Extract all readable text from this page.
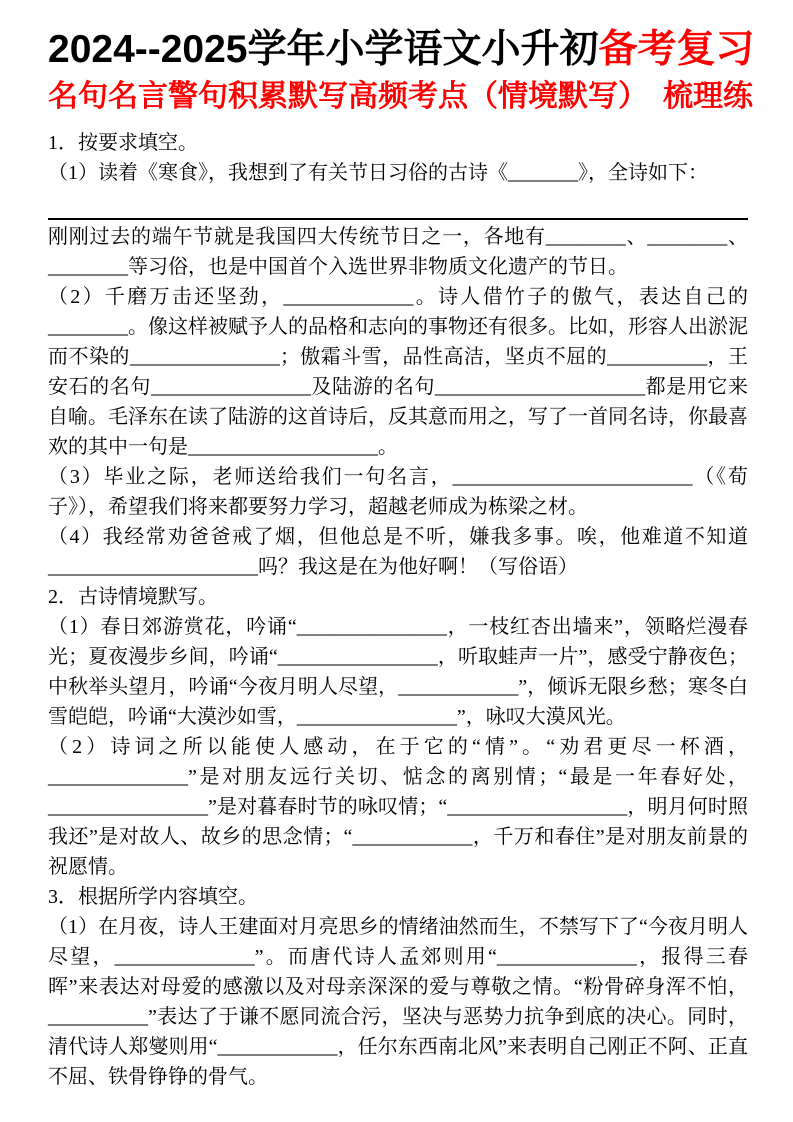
2024--2025学年小学语文小升初备考复习
名句名言警句积累默写高频考点（情境默写）　梳理练

1．按要求填空。

（1）读着《寒食》，我想到了有关节日习俗的古诗《_______》，全诗如下：

刚刚过去的端午节就是我国四大传统节日之一，各地有________、________、________等习俗，也是中国首个入选世界非物质文化遗产的节日。

（2）千磨万击还坚劲，_____________。诗人借竹子的傲气，表达自己的________。像这样被赋予人的品格和志向的事物还有很多。比如，形容人出淤泥而不染的_______________；傲霜斗雪，品性高洁，坚贞不屈的__________，王安石的名句________________及陆游的名句_____________________都是用它来自喻。毛泽东在读了陆游的这首诗后，反其意而用之，写了一首同名诗，你最喜欢的其中一句是___________________。

（3）毕业之际，老师送给我们一句名言，________________________（《荀子》），希望我们将来都要努力学习，超越老师成为栋梁之材。

（4）我经常劝爸爸戒了烟，但他总是不听，嫌我多事。唉，他难道不知道_____________________吗？我这是在为他好啊！（写俗语）

2．古诗情境默写。

（1）春日郊游赏花，吟诵“_______________，一枝红杏出墙来”，领略烂漫春光；夏夜漫步乡间，吟诵“________________，听取蛙声一片”，感受宁静夜色；中秋举头望月，吟诵“今夜月明人尽望，____________”，倾诉无限乡愁；寒冬白雪皑皑，吟诵“大漠沙如雪，________________”，咏叹大漠风光。

（2）诗词之所以能使人感动，在于它的“情”。“劝君更尽一杯酒，______________”是对朋友远行关切、惦念的离别情；“最是一年春好处，________________”是对暮春时节的咏叹情；“__________________，明月何时照我还”是对故人、故乡的思念情；“____________，千万和春住”是对朋友前景的祝愿情。

3．根据所学内容填空。

（1）在月夜，诗人王建面对月亮思乡的情绪油然而生，不禁写下了“今夜月明人尽望，______________”。而唐代诗人孟郊则用“______________，报得三春晖”来表达对母爱的感激以及对母亲深深的爱与尊敬之情。“粉骨碎身浑不怕，__________”表达了于谦不愿同流合污，坚决与恶势力抗争到底的决心。同时，清代诗人郑燮则用“____________，任尔东西南北风”来表明自己刚正不阿、正直不屈、铁骨铮铮的骨气。
